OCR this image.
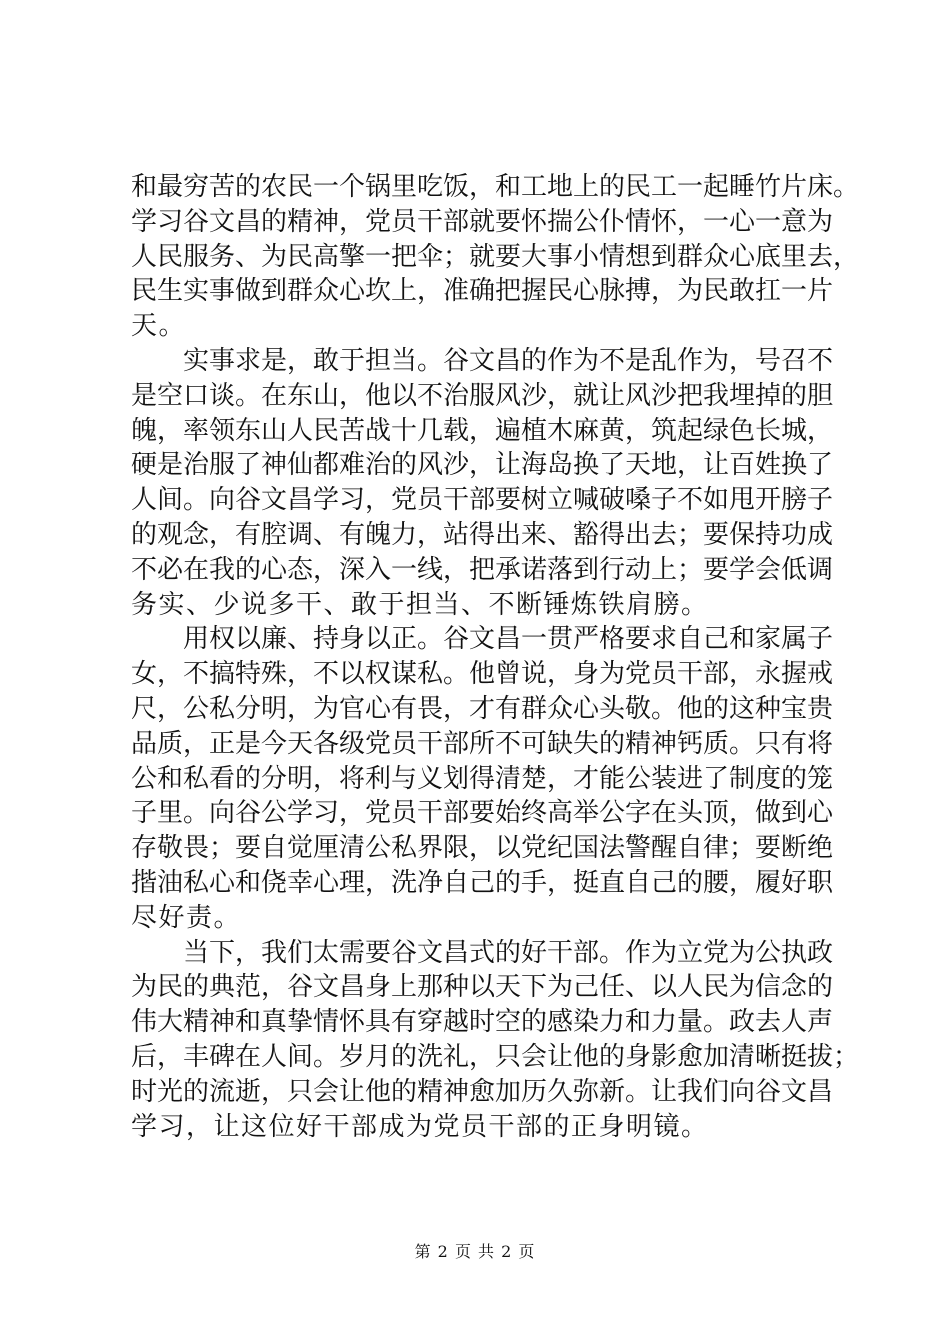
和最穷苦的农民一个锅里吃饭，和工地上的民工一起睡竹片床。
学习谷文昌的精神，党员干部就要怀揣公仆情怀，一心一意为
人民服务、为民高擎一把伞；就要大事小情想到群众心底里去，
民生实事做到群众心坎上，准确把握民心脉搏，为民敢扛一片
天。
　　实事求是，敢于担当。谷文昌的作为不是乱作为，号召不
是空口谈。在东山，他以不治服风沙，就让风沙把我埋掉的胆
魄，率领东山人民苦战十几载，遍植木麻黄，筑起绿色长城，
硬是治服了神仙都难治的风沙，让海岛换了天地，让百姓换了
人间。向谷文昌学习，党员干部要树立喊破嗓子不如甩开膀子
的观念，有腔调、有魄力，站得出来、豁得出去；要保持功成
不必在我的心态，深入一线，把承诺落到行动上；要学会低调
务实、少说多干、敢于担当、不断锤炼铁肩膀。
　　用权以廉、持身以正。谷文昌一贯严格要求自己和家属子
女，不搞特殊，不以权谋私。他曾说，身为党员干部，永握戒
尺，公私分明，为官心有畏，才有群众心头敬。他的这种宝贵
品质，正是今天各级党员干部所不可缺失的精神钙质。只有将
公和私看的分明，将利与义划得清楚，才能公装进了制度的笼
子里。向谷公学习，党员干部要始终高举公字在头顶，做到心
存敬畏；要自觉厘清公私界限，以党纪国法警醒自律；要断绝
揩油私心和侥幸心理，洗净自己的手，挺直自己的腰，履好职
尽好责。
　　当下，我们太需要谷文昌式的好干部。作为立党为公执政
为民的典范，谷文昌身上那种以天下为己任、以人民为信念的
伟大精神和真挚情怀具有穿越时空的感染力和力量。政去人声
后，丰碑在人间。岁月的洗礼，只会让他的身影愈加清晰挺拔；
时光的流逝，只会让他的精神愈加历久弥新。让我们向谷文昌
学习，让这位好干部成为党员干部的正身明镜。
第 2 页 共 2 页
